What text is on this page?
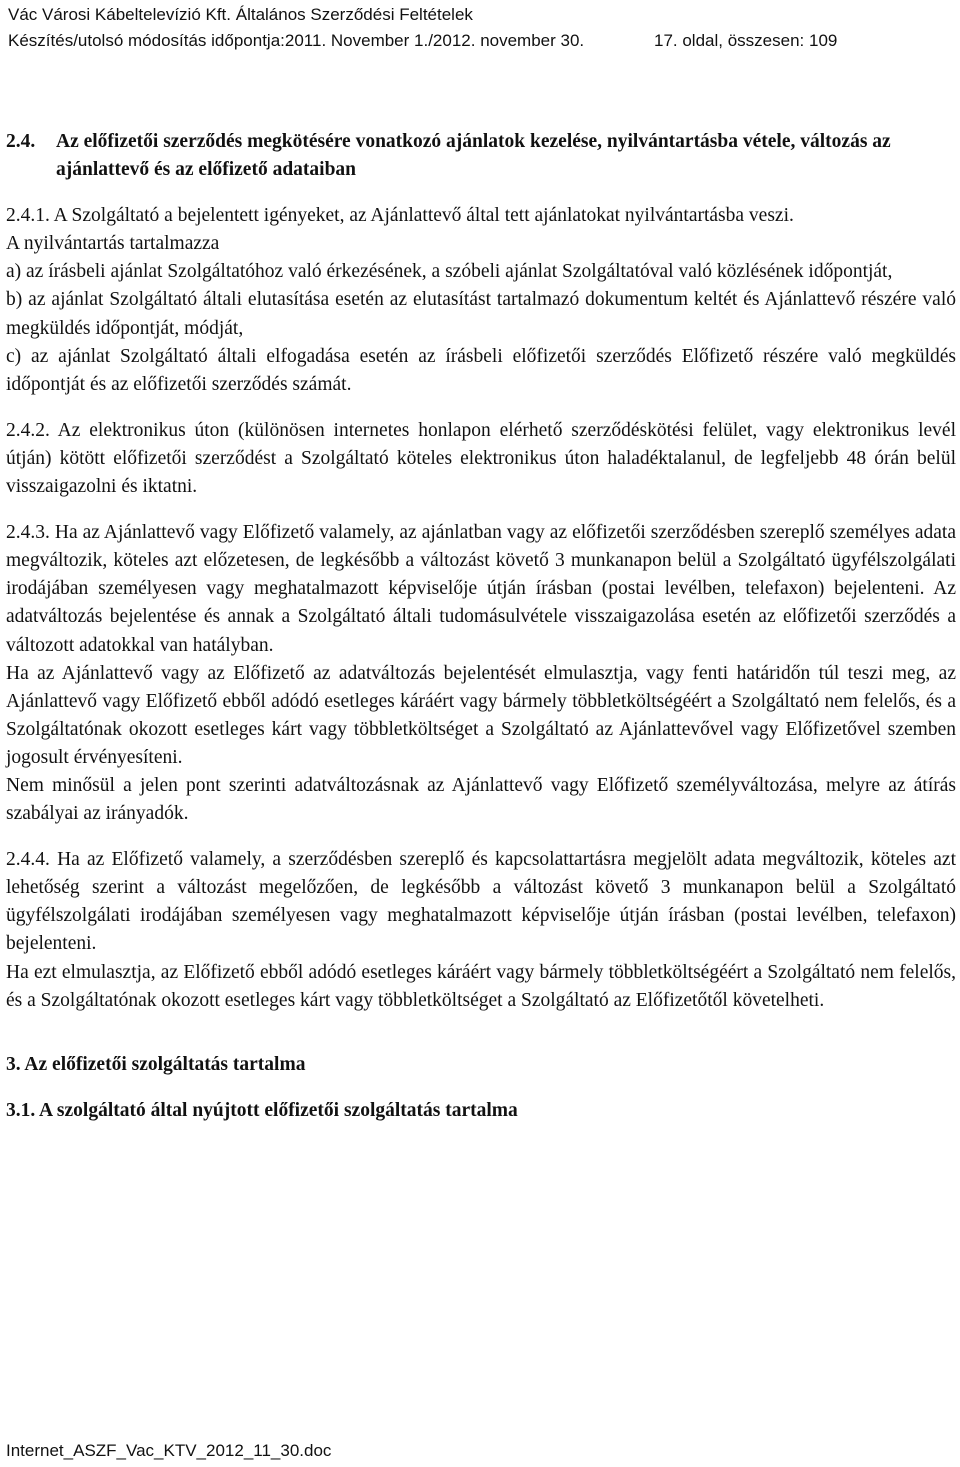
Vác Városi Kábeltelevízió Kft. Általános Szerződési Feltételek
Készítés/utolsó módosítás időpontja:2011. November 1./2012. november 30.	17. oldal, összesen: 109
2.4.	Az előfizetői szerződés megkötésére vonatkozó ajánlatok kezelése, nyilvántartásba vétele, változás az ajánlattevő és az előfizető adataiban

2.4.1. A Szolgáltató a bejelentett igényeket, az Ajánlattevő által tett ajánlatokat nyilvántartásba veszi.

A nyilvántartás tartalmazza

a) az írásbeli ajánlat Szolgáltatóhoz való érkezésének, a szóbeli ajánlat Szolgáltatóval való közlésének időpontját,

b) az ajánlat Szolgáltató általi elutasítása esetén az elutasítást tartalmazó dokumentum keltét és Ajánlattevő részére való megküldés időpontját, módját,

c) az ajánlat Szolgáltató általi elfogadása esetén az írásbeli előfizetői szerződés Előfizető részére való megküldés időpontját és az előfizetői szerződés számát.

2.4.2. Az elektronikus úton (különösen internetes honlapon elérhető szerződéskötési felület, vagy elektronikus levél útján) kötött előfizetői szerződést a Szolgáltató köteles elektronikus úton haladéktalanul, de legfeljebb 48 órán belül visszaigazolni és iktatni.

2.4.3. Ha az Ajánlattevő vagy Előfizető valamely, az ajánlatban vagy az előfizetői szerződésben szereplő személyes adata megváltozik, köteles azt előzetesen, de legkésőbb a változást követő 3 munkanapon belül a Szolgáltató ügyfélszolgálati irodájában személyesen vagy meghatalmazott képviselője útján írásban (postai levélben, telefaxon) bejelenteni. Az adatváltozás bejelentése és annak a Szolgáltató általi tudomásulvétele visszaigazolása esetén az előfizetői szerződés a változott adatokkal van hatályban.

Ha az Ajánlattevő vagy az Előfizető az adatváltozás bejelentését elmulasztja, vagy fenti határidőn túl teszi meg, az Ajánlattevő vagy Előfizető ebből adódó esetleges káráért vagy bármely többletköltségéért a Szolgáltató nem felelős, és a Szolgáltatónak okozott esetleges kárt vagy többletköltséget a Szolgáltató az Ajánlattevővel vagy Előfizetővel szemben jogosult érvényesíteni.

Nem minősül a jelen pont szerinti adatváltozásnak az Ajánlattevő vagy Előfizető személyváltozása, melyre az átírás szabályai az irányadók.

2.4.4. Ha az Előfizető valamely, a szerződésben szereplő és kapcsolattartásra megjelölt adata megváltozik, köteles azt lehetőség szerint a változást megelőzően, de legkésőbb a változást követő 3 munkanapon belül a Szolgáltató ügyfélszolgálati irodájában személyesen vagy meghatalmazott képviselője útján írásban (postai levélben, telefaxon) bejelenteni.

Ha ezt elmulasztja, az Előfizető ebből adódó esetleges káráért vagy bármely többletköltségéért a Szolgáltató nem felelős, és a Szolgáltatónak okozott esetleges kárt vagy többletköltséget a Szolgáltató az Előfizetőtől követelheti.

3. Az előfizetői szolgáltatás tartalma

3.1. A szolgáltató által nyújtott előfizetői szolgáltatás tartalma

Internet_ASZF_Vac_KTV_2012_11_30.doc
